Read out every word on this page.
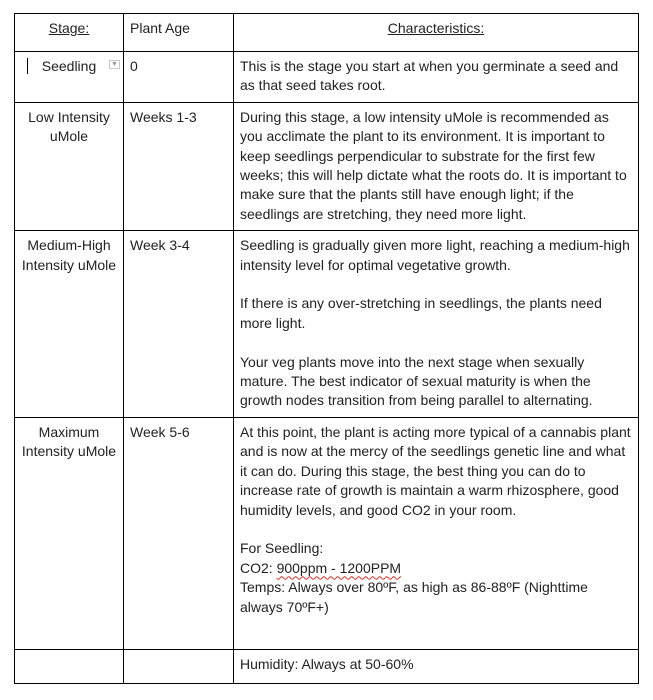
Stage:	Plant Age	Characteristics:

Seedling ▼	0	This is the stage you start at when you germinate a seed and as that seed takes root.

Low Intensity uMole	Weeks 1-3	During this stage, a low intensity uMole is recommended as you acclimate the plant to its environment. It is important to keep seedlings perpendicular to substrate for the first few weeks; this will help dictate what the roots do. It is important to make sure that the plants still have enough light; if the seedlings are stretching, they need more light.

Medium-High Intensity uMole	Week 3-4	Seedling is gradually given more light, reaching a medium-high intensity level for optimal vegetative growth.

If there is any over-stretching in seedlings, the plants need more light.

Your veg plants move into the next stage when sexually mature. The best indicator of sexual maturity is when the growth nodes transition from being parallel to alternating.

Maximum Intensity uMole	Week 5-6	At this point, the plant is acting more typical of a cannabis plant and is now at the mercy of the seedlings genetic line and what it can do. During this stage, the best thing you can do to increase rate of growth is maintain a warm rhizosphere, good humidity levels, and good CO2 in your room.

For Seedling:
CO2: 900ppm - 1200PPM
Temps: Always over 80ºF, as high as 86-88ºF (Nighttime always 70ºF+)

		Humidity: Always at 50-60%
